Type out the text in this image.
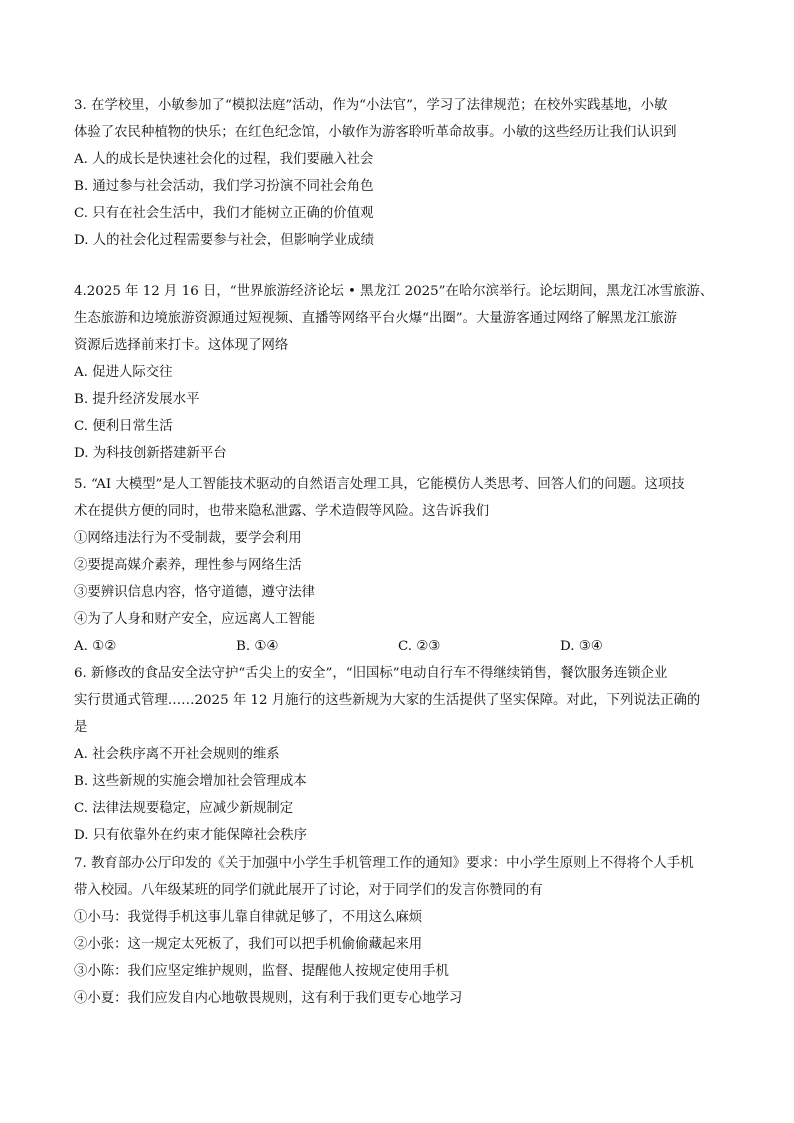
3. 在学校里，小敏参加了“模拟法庭”活动，作为“小法官”，学习了法律规范；在校外实践基地，小敏
体验了农民种植物的快乐；在红色纪念馆，小敏作为游客聆听革命故事。小敏的这些经历让我们认识到
A. 人的成长是快速社会化的过程，我们要融入社会
B. 通过参与社会活动，我们学习扮演不同社会角色
C. 只有在社会生活中，我们才能树立正确的价值观
D. 人的社会化过程需要参与社会，但影响学业成绩
4.2025 年 12 月 16 日，“世界旅游经济论坛 • 黑龙江 2025”在哈尔滨举行。论坛期间，黑龙江冰雪旅游、
生态旅游和边境旅游资源通过短视频、直播等网络平台火爆“出圈”。大量游客通过网络了解黑龙江旅游
资源后选择前来打卡。这体现了网络
A. 促进人际交往
B. 提升经济发展水平
C. 便利日常生活
D. 为科技创新搭建新平台
5. “AI 大模型”是人工智能技术驱动的自然语言处理工具，它能模仿人类思考、回答人们的问题。这项技
术在提供方便的同时，也带来隐私泄露、学术造假等风险。这告诉我们
①网络违法行为不受制裁，要学会利用
②要提高媒介素养，理性参与网络生活
③要辨识信息内容，恪守道德，遵守法律
④为了人身和财产安全，应远离人工智能
A. ①②	B. ①④	C. ②③	D. ③④
6. 新修改的食品安全法守护“舌尖上的安全”，“旧国标”电动自行车不得继续销售，餐饮服务连锁企业
实行贯通式管理……2025 年 12 月施行的这些新规为大家的生活提供了坚实保障。对此，下列说法正确的
是
A. 社会秩序离不开社会规则的维系
B. 这些新规的实施会增加社会管理成本
C. 法律法规要稳定，应减少新规制定
D. 只有依靠外在约束才能保障社会秩序
7. 教育部办公厅印发的《关于加强中小学生手机管理工作的通知》要求：中小学生原则上不得将个人手机
带入校园。八年级某班的同学们就此展开了讨论，对于同学们的发言你赞同的有
①小马：我觉得手机这事儿靠自律就足够了，不用这么麻烦
②小张：这一规定太死板了，我们可以把手机偷偷藏起来用
③小陈：我们应坚定维护规则，监督、提醒他人按规定使用手机
④小夏：我们应发自内心地敬畏规则，这有利于我们更专心地学习
